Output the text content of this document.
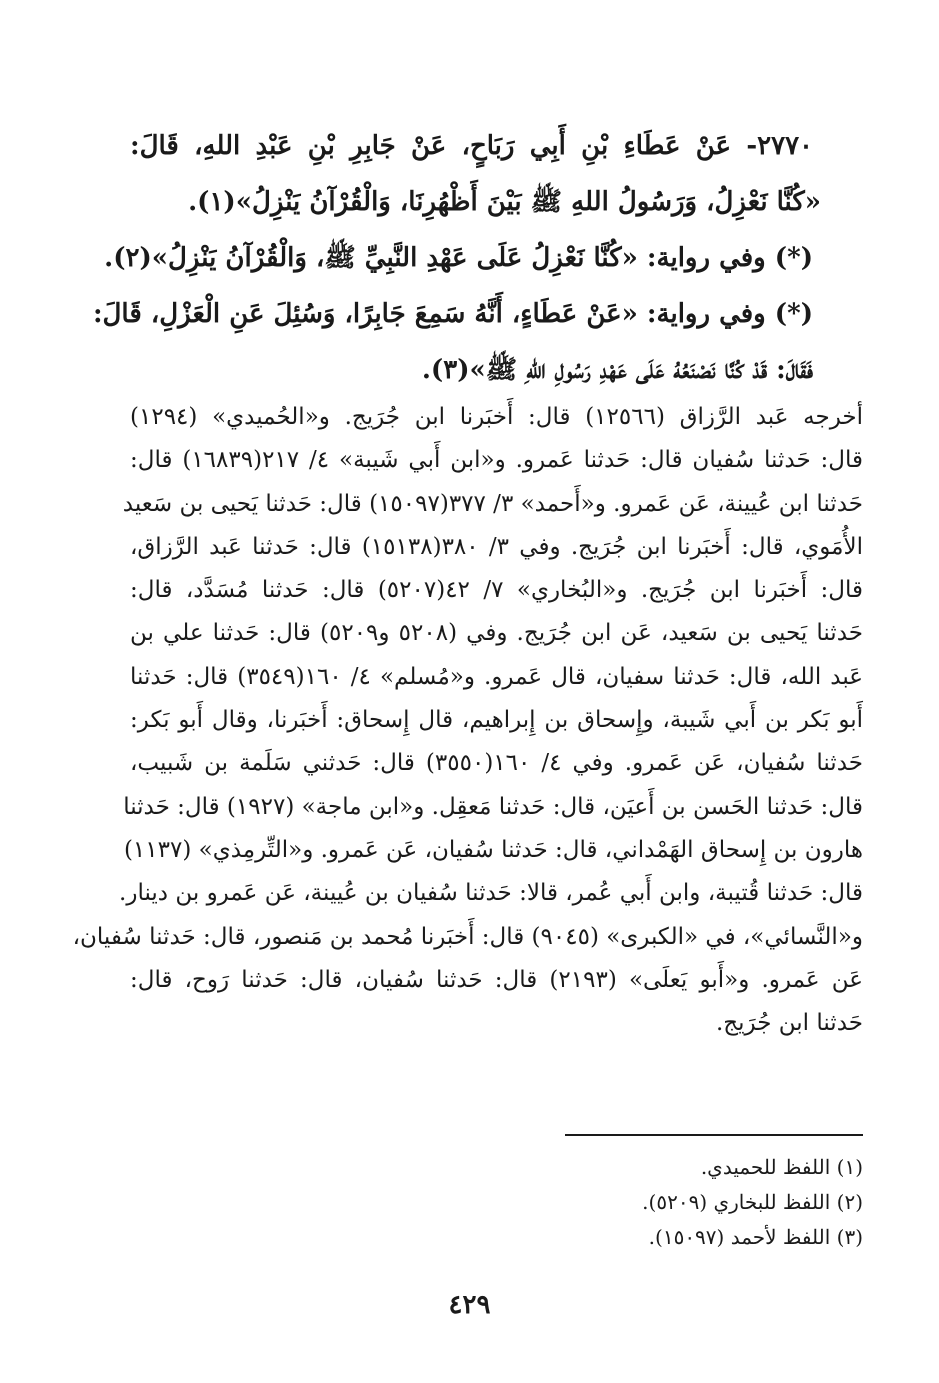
٢٧٧٠- عَنْ عَطَاءِ بْنِ أَبِي رَبَاحٍ، عَنْ جَابِرِ بْنِ عَبْدِ اللهِ، قَالَ:
«كُنَّا نَعْزِلُ، وَرَسُولُ اللهِ ﷺ بَيْنَ أَظْهُرِنَا، وَالْقُرْآنُ يَنْزِلُ»(١).
(*) وفي رواية: «كُنَّا نَعْزِلُ عَلَى عَهْدِ النَّبِيِّ ﷺ، وَالْقُرْآنُ يَنْزِلُ»(٢).
(*) وفي رواية: «عَنْ عَطَاءٍ، أَنَّهُ سَمِعَ جَابِرًا، وَسُئِلَ عَنِ الْعَزْلِ، قَالَ:
فَقَالَ: قَدْ كُنَّا نَصْنَعُهُ عَلَى عَهْدِ رَسُولِ اللهِ ﷺ»(٣).
أخرجه عَبد الرَّزاق (١٢٥٦٦) قال: أَخبَرنا ابن جُرَيج. و«الحُميدي» (١٢٩٤)
قال: حَدثنا سُفيان قال: حَدثنا عَمرو. و«ابن أَبي شَيبة» ٤/ ٢١٧(١٦٨٣٩) قال:
حَدثنا ابن عُيينة، عَن عَمرو. و«أَحمد» ٣/ ٣٧٧(١٥٠٩٧) قال: حَدثنا يَحيى بن سَعيد
الأُمَوي، قال: أَخبَرنا ابن جُرَيج. وفي ٣/ ٣٨٠(١٥١٣٨) قال: حَدثنا عَبد الرَّزاق،
قال: أَخبَرنا ابن جُرَيج. و«البُخاري» ٧/ ٤٢(٥٢٠٧) قال: حَدثنا مُسَدَّد، قال:
حَدثنا يَحيى بن سَعيد، عَن ابن جُرَيج. وفي (٥٢٠٨ و٥٢٠٩) قال: حَدثنا علي بن
عَبد الله، قال: حَدثنا سفيان، قال عَمرو. و«مُسلم» ٤/ ١٦٠(٣٥٤٩) قال: حَدثنا
أَبو بَكر بن أَبي شَيبة، وإِسحاق بن إِبراهيم، قال إِسحاق: أَخبَرنا، وقال أَبو بَكر:
حَدثنا سُفيان، عَن عَمرو. وفي ٤/ ١٦٠(٣٥٥٠) قال: حَدثني سَلَمة بن شَبيب،
قال: حَدثنا الحَسن بن أَعيَن، قال: حَدثنا مَعقِل. و«ابن ماجة» (١٩٢٧) قال: حَدثنا
هارون بن إِسحاق الهَمْداني، قال: حَدثنا سُفيان، عَن عَمرو. و«التِّرمِذي» (١١٣٧)
قال: حَدثنا قُتيبة، وابن أَبي عُمر، قالا: حَدثنا سُفيان بن عُيينة، عَن عَمرو بن دينار.
و«النَّسائي»، في «الكبرى» (٩٠٤٥) قال: أَخبَرنا مُحمد بن مَنصور، قال: حَدثنا سُفيان،
عَن عَمرو. و«أَبو يَعلَى» (٢١٩٣) قال: حَدثنا سُفيان، قال: حَدثنا رَوح، قال:
حَدثنا ابن جُرَيج.
(١) اللفظ للحميدي.
(٢) اللفظ للبخاري (٥٢٠٩).
(٣) اللفظ لأحمد (١٥٠٩٧).
٤٢٩
